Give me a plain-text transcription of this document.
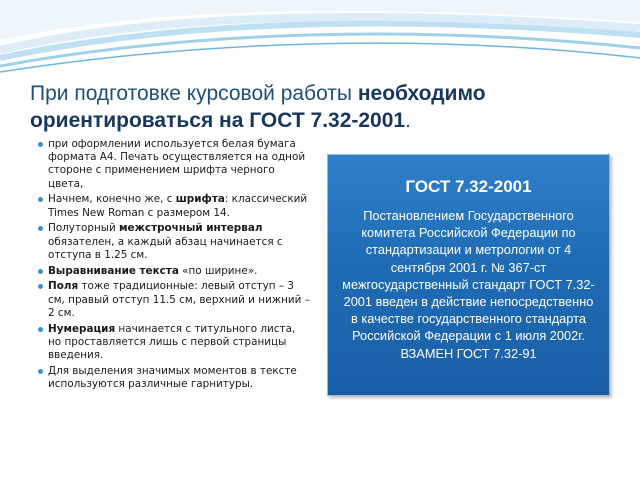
При подготовке курсовой работы необходимо ориентироваться на ГОСТ 7.32-2001.
при оформлении используется белая бумага формата А4. Печать осуществляется на одной стороне с применением шрифта черного цвета,
Начнем, конечно же, с шрифта: классический Times New Roman с размером 14.
Полуторный межстрочный интервал обязателен, а каждый абзац начинается с отступа в 1.25 см.
Выравнивание текста «по ширине».
Поля тоже традиционные: левый отступ – 3 см, правый отступ 11.5 см, верхний и нижний – 2 см.
Нумерация начинается с титульного листа, но проставляется лишь с первой страницы введения.
Для выделения значимых моментов в тексте используются различные гарнитуры.
ГОСТ 7.32-2001
Постановлением Государственного комитета Российской Федерации по стандартизации и метрологии от 4 сентября 2001 г. № 367-ст межгосударственный стандарт ГОСТ 7.32-2001 введен в действие непосредственно в качестве государственного стандарта Российской Федерации с 1 июля 2002г. ВЗАМЕН ГОСТ 7.32-91
